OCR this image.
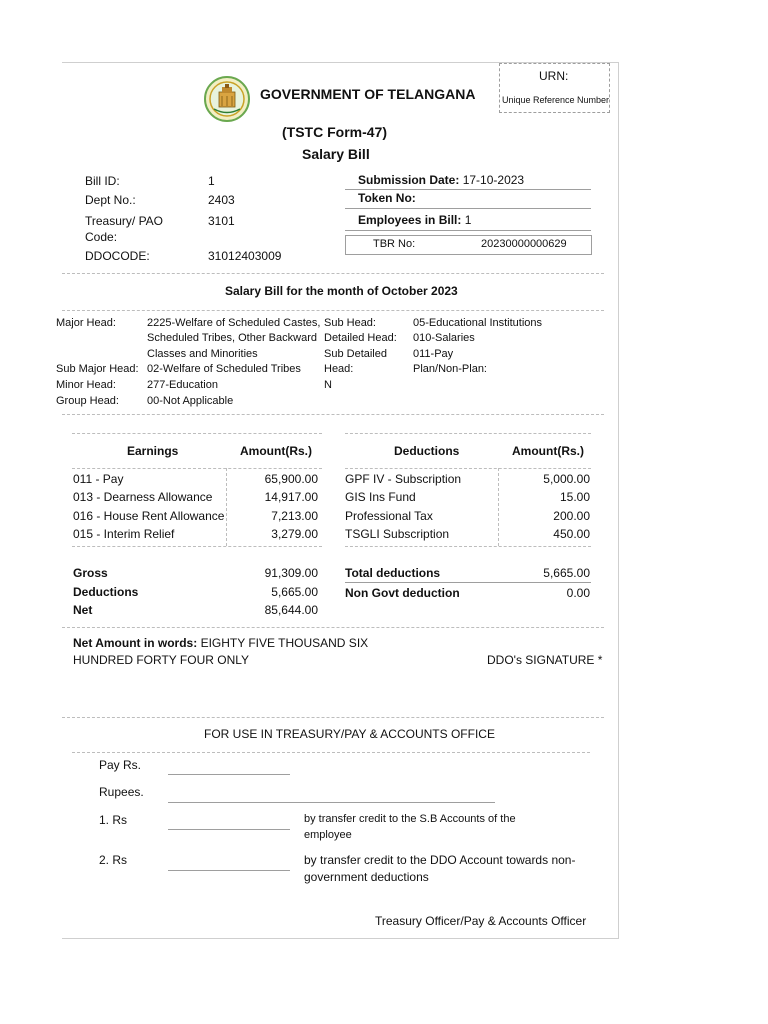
GOVERNMENT OF TELANGANA
URN:
Unique Reference Number
(TSTC Form-47)
Salary Bill
Bill ID:	1
Dept No.:	2403
Treasury/ PAO
Code:
3101
DDOCODE:	31012403009
Submission Date: 17-10-2023
Token No:
Employees in Bill: 1
TBR No:	20230000000629
Salary Bill for the month of October 2023
Major Head:	2225-Welfare of Scheduled Castes,
Scheduled Tribes, Other Backward
Classes and Minorities
Sub Major Head: 02-Welfare of Scheduled Tribes
Minor Head:	277-Education
Group Head:	00-Not Applicable
Sub Head:	05-Educational Institutions
Detailed Head: 010-Salaries
Sub Detailed
Head:
011-Pay
Plan/Non-Plan:
N
Earnings	Amount(Rs.)	Deductions	Amount(Rs.)
011 - Pay	65,900.00
013 - Dearness Allowance	14,917.00
016 - House Rent Allowance	7,213.00
015 - Interim Relief	3,279.00
GPF IV - Subscription	5,000.00
GIS Ins Fund	15.00
Professional Tax	200.00
TSGLI Subscription	450.00
Gross	91,309.00
Deductions	5,665.00
Net	85,644.00
Total deductions	5,665.00
Non Govt deduction	0.00
Net Amount in words: EIGHTY FIVE THOUSAND SIX
HUNDRED FORTY FOUR ONLY	DDO's SIGNATURE *
FOR USE IN TREASURY/PAY & ACCOUNTS OFFICE
Pay Rs.
Rupees.
1. Rs	by transfer credit to the S.B Accounts of the
employee
2. Rs	by transfer credit to the DDO Account towards non-
government deductions
Treasury Officer/Pay & Accounts Officer
